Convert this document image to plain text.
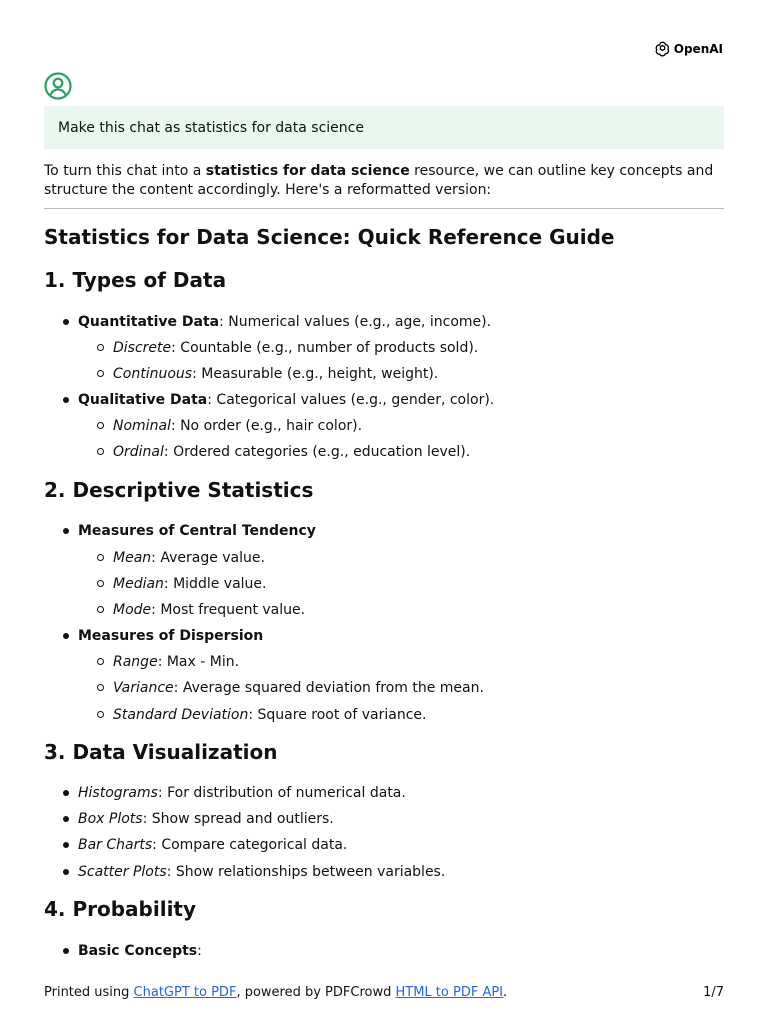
OpenAI
Make this chat as statistics for data science

To turn this chat into a statistics for data science resource, we can outline key concepts and structure the content accordingly. Here's a reformatted version:

Statistics for Data Science: Quick Reference Guide
1. Types of Data
Quantitative Data: Numerical values (e.g., age, income).
Discrete: Countable (e.g., number of products sold).
Continuous: Measurable (e.g., height, weight).
Qualitative Data: Categorical values (e.g., gender, color).
Nominal: No order (e.g., hair color).
Ordinal: Ordered categories (e.g., education level).
2. Descriptive Statistics
Measures of Central Tendency
Mean: Average value.
Median: Middle value.
Mode: Most frequent value.
Measures of Dispersion
Range: Max - Min.
Variance: Average squared deviation from the mean.
Standard Deviation: Square root of variance.
3. Data Visualization
Histograms: For distribution of numerical data.
Box Plots: Show spread and outliers.
Bar Charts: Compare categorical data.
Scatter Plots: Show relationships between variables.
4. Probability
Basic Concepts:
Printed using ChatGPT to PDF, powered by PDFCrowd HTML to PDF API.	1/7
